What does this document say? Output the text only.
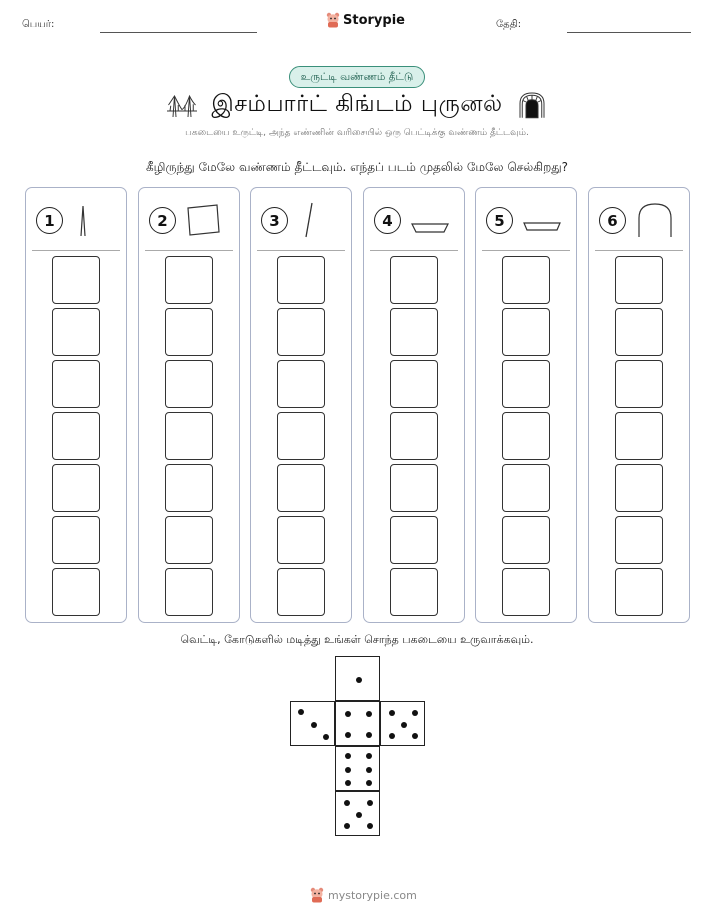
பெயர்:	Storypie	தேதி:
உருட்டி வண்ணம் தீட்டு
இசம்பார்ட் கிங்டம் புருனல்
பகடையை உருட்டி, அந்த எண்ணின் வரிசையில் ஒரு பெட்டிக்கு வண்ணம் தீட்டவும்.
கீழிருந்து மேலே வண்ணம் தீட்டவும். எந்தப் படம் முதலில் மேலே செல்கிறது?
1	2	3	4	5	6
வெட்டி, கோடுகளில் மடித்து உங்கள் சொந்த பகடையை உருவாக்கவும்.
mystorypie.com
